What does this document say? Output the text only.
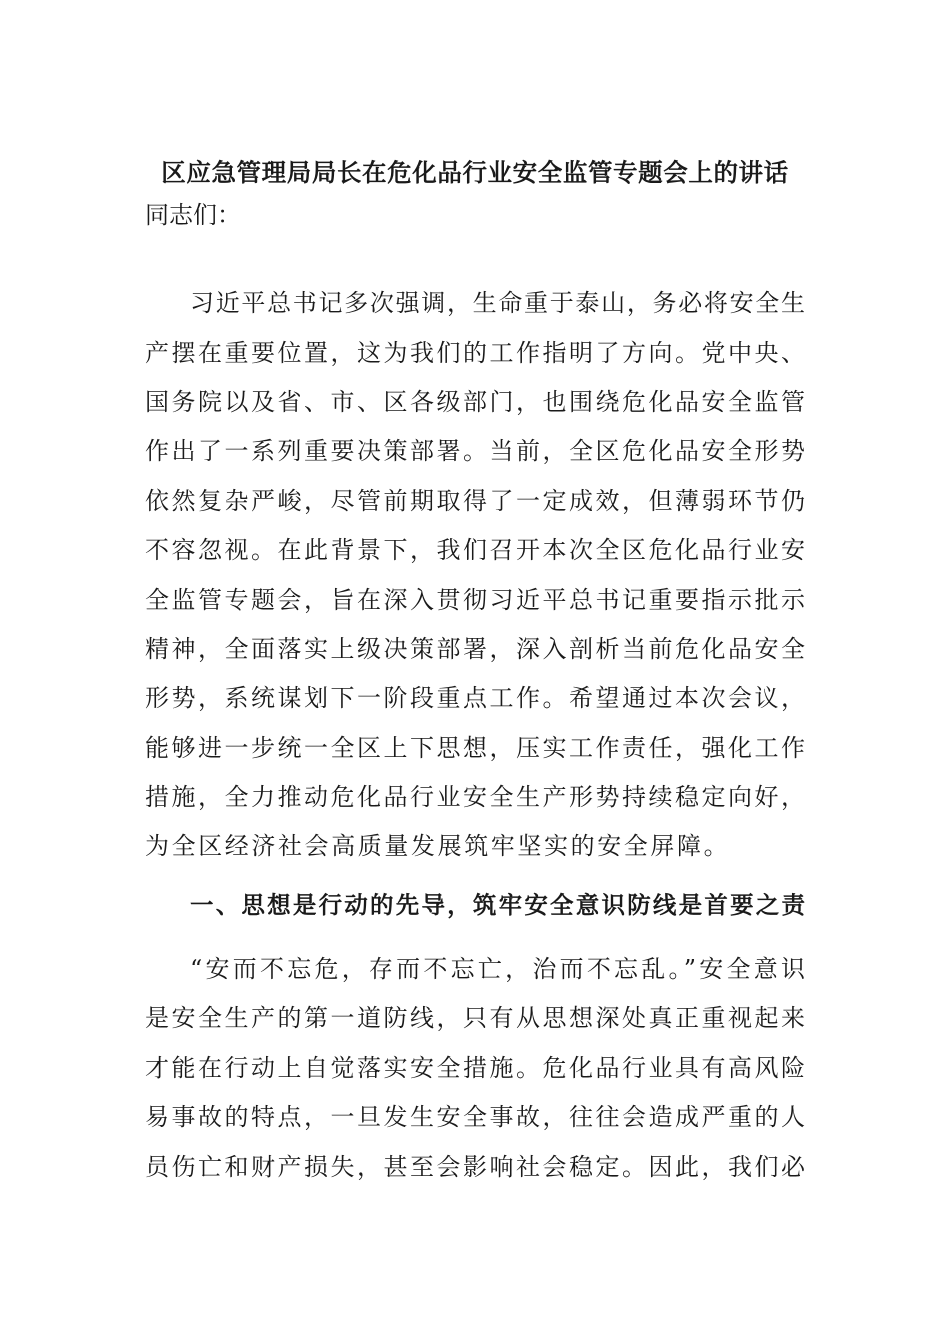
区应急管理局局长在危化品行业安全监管专题会上的讲话
同志们：
习近平总书记多次强调，生命重于泰山，务必将安全生
产摆在重要位置，这为我们的工作指明了方向。党中央、
国务院以及省、市、区各级部门，也围绕危化品安全监管
作出了一系列重要决策部署。当前，全区危化品安全形势
依然复杂严峻，尽管前期取得了一定成效，但薄弱环节仍
不容忽视。在此背景下，我们召开本次全区危化品行业安
全监管专题会，旨在深入贯彻习近平总书记重要指示批示
精神，全面落实上级决策部署，深入剖析当前危化品安全
形势，系统谋划下一阶段重点工作。希望通过本次会议，
能够进一步统一全区上下思想，压实工作责任，强化工作
措施，全力推动危化品行业安全生产形势持续稳定向好，
为全区经济社会高质量发展筑牢坚实的安全屏障。
一、思想是行动的先导，筑牢安全意识防线是首要之责
“安而不忘危，存而不忘亡，治而不忘乱。”安全意识
是安全生产的第一道防线，只有从思想深处真正重视起来
才能在行动上自觉落实安全措施。危化品行业具有高风险
易事故的特点，一旦发生安全事故，往往会造成严重的人
员伤亡和财产损失，甚至会影响社会稳定。因此，我们必
